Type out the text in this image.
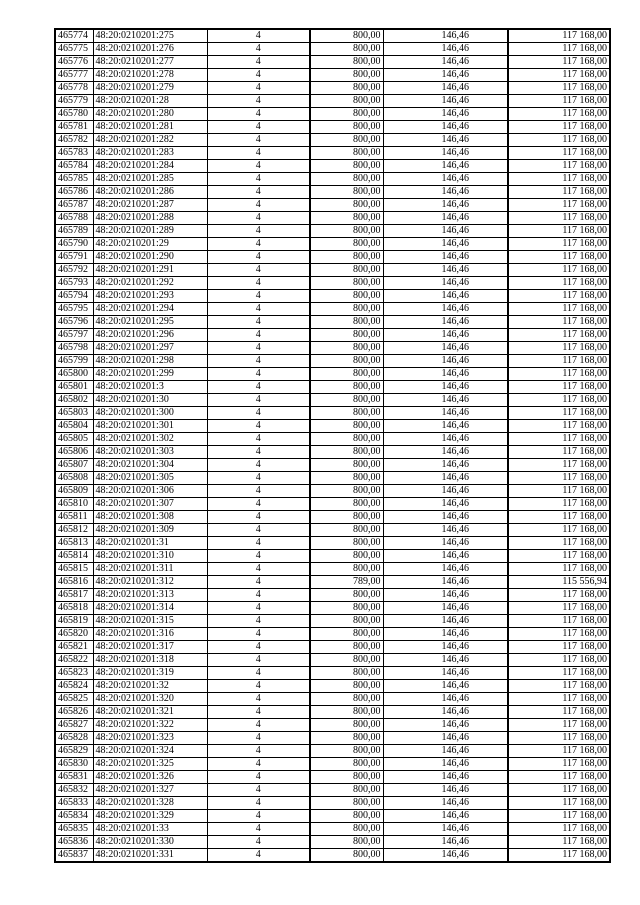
465774	48:20:0210201:275	4	800,00	146,46	117 168,00
465775	48:20:0210201:276	4	800,00	146,46	117 168,00
465776	48:20:0210201:277	4	800,00	146,46	117 168,00
465777	48:20:0210201:278	4	800,00	146,46	117 168,00
465778	48:20:0210201:279	4	800,00	146,46	117 168,00
465779	48:20:0210201:28	4	800,00	146,46	117 168,00
465780	48:20:0210201:280	4	800,00	146,46	117 168,00
465781	48:20:0210201:281	4	800,00	146,46	117 168,00
465782	48:20:0210201:282	4	800,00	146,46	117 168,00
465783	48:20:0210201:283	4	800,00	146,46	117 168,00
465784	48:20:0210201:284	4	800,00	146,46	117 168,00
465785	48:20:0210201:285	4	800,00	146,46	117 168,00
465786	48:20:0210201:286	4	800,00	146,46	117 168,00
465787	48:20:0210201:287	4	800,00	146,46	117 168,00
465788	48:20:0210201:288	4	800,00	146,46	117 168,00
465789	48:20:0210201:289	4	800,00	146,46	117 168,00
465790	48:20:0210201:29	4	800,00	146,46	117 168,00
465791	48:20:0210201:290	4	800,00	146,46	117 168,00
465792	48:20:0210201:291	4	800,00	146,46	117 168,00
465793	48:20:0210201:292	4	800,00	146,46	117 168,00
465794	48:20:0210201:293	4	800,00	146,46	117 168,00
465795	48:20:0210201:294	4	800,00	146,46	117 168,00
465796	48:20:0210201:295	4	800,00	146,46	117 168,00
465797	48:20:0210201:296	4	800,00	146,46	117 168,00
465798	48:20:0210201:297	4	800,00	146,46	117 168,00
465799	48:20:0210201:298	4	800,00	146,46	117 168,00
465800	48:20:0210201:299	4	800,00	146,46	117 168,00
465801	48:20:0210201:3	4	800,00	146,46	117 168,00
465802	48:20:0210201:30	4	800,00	146,46	117 168,00
465803	48:20:0210201:300	4	800,00	146,46	117 168,00
465804	48:20:0210201:301	4	800,00	146,46	117 168,00
465805	48:20:0210201:302	4	800,00	146,46	117 168,00
465806	48:20:0210201:303	4	800,00	146,46	117 168,00
465807	48:20:0210201:304	4	800,00	146,46	117 168,00
465808	48:20:0210201:305	4	800,00	146,46	117 168,00
465809	48:20:0210201:306	4	800,00	146,46	117 168,00
465810	48:20:0210201:307	4	800,00	146,46	117 168,00
465811	48:20:0210201:308	4	800,00	146,46	117 168,00
465812	48:20:0210201:309	4	800,00	146,46	117 168,00
465813	48:20:0210201:31	4	800,00	146,46	117 168,00
465814	48:20:0210201:310	4	800,00	146,46	117 168,00
465815	48:20:0210201:311	4	800,00	146,46	117 168,00
465816	48:20:0210201:312	4	789,00	146,46	115 556,94
465817	48:20:0210201:313	4	800,00	146,46	117 168,00
465818	48:20:0210201:314	4	800,00	146,46	117 168,00
465819	48:20:0210201:315	4	800,00	146,46	117 168,00
465820	48:20:0210201:316	4	800,00	146,46	117 168,00
465821	48:20:0210201:317	4	800,00	146,46	117 168,00
465822	48:20:0210201:318	4	800,00	146,46	117 168,00
465823	48:20:0210201:319	4	800,00	146,46	117 168,00
465824	48:20:0210201:32	4	800,00	146,46	117 168,00
465825	48:20:0210201:320	4	800,00	146,46	117 168,00
465826	48:20:0210201:321	4	800,00	146,46	117 168,00
465827	48:20:0210201:322	4	800,00	146,46	117 168,00
465828	48:20:0210201:323	4	800,00	146,46	117 168,00
465829	48:20:0210201:324	4	800,00	146,46	117 168,00
465830	48:20:0210201:325	4	800,00	146,46	117 168,00
465831	48:20:0210201:326	4	800,00	146,46	117 168,00
465832	48:20:0210201:327	4	800,00	146,46	117 168,00
465833	48:20:0210201:328	4	800,00	146,46	117 168,00
465834	48:20:0210201:329	4	800,00	146,46	117 168,00
465835	48:20:0210201:33	4	800,00	146,46	117 168,00
465836	48:20:0210201:330	4	800,00	146,46	117 168,00
465837	48:20:0210201:331	4	800,00	146,46	117 168,00
